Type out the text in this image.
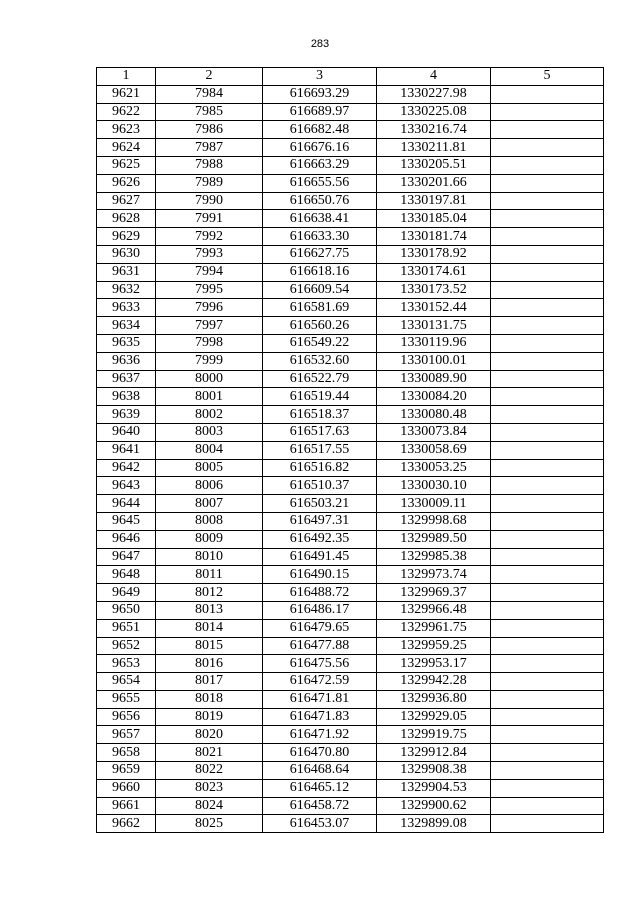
283
1	2	3	4	5
9621	7984	616693.29	1330227.98	
9622	7985	616689.97	1330225.08	
9623	7986	616682.48	1330216.74	
9624	7987	616676.16	1330211.81	
9625	7988	616663.29	1330205.51	
9626	7989	616655.56	1330201.66	
9627	7990	616650.76	1330197.81	
9628	7991	616638.41	1330185.04	
9629	7992	616633.30	1330181.74	
9630	7993	616627.75	1330178.92	
9631	7994	616618.16	1330174.61	
9632	7995	616609.54	1330173.52	
9633	7996	616581.69	1330152.44	
9634	7997	616560.26	1330131.75	
9635	7998	616549.22	1330119.96	
9636	7999	616532.60	1330100.01	
9637	8000	616522.79	1330089.90	
9638	8001	616519.44	1330084.20	
9639	8002	616518.37	1330080.48	
9640	8003	616517.63	1330073.84	
9641	8004	616517.55	1330058.69	
9642	8005	616516.82	1330053.25	
9643	8006	616510.37	1330030.10	
9644	8007	616503.21	1330009.11	
9645	8008	616497.31	1329998.68	
9646	8009	616492.35	1329989.50	
9647	8010	616491.45	1329985.38	
9648	8011	616490.15	1329973.74	
9649	8012	616488.72	1329969.37	
9650	8013	616486.17	1329966.48	
9651	8014	616479.65	1329961.75	
9652	8015	616477.88	1329959.25	
9653	8016	616475.56	1329953.17	
9654	8017	616472.59	1329942.28	
9655	8018	616471.81	1329936.80	
9656	8019	616471.83	1329929.05	
9657	8020	616471.92	1329919.75	
9658	8021	616470.80	1329912.84	
9659	8022	616468.64	1329908.38	
9660	8023	616465.12	1329904.53	
9661	8024	616458.72	1329900.62	
9662	8025	616453.07	1329899.08	
